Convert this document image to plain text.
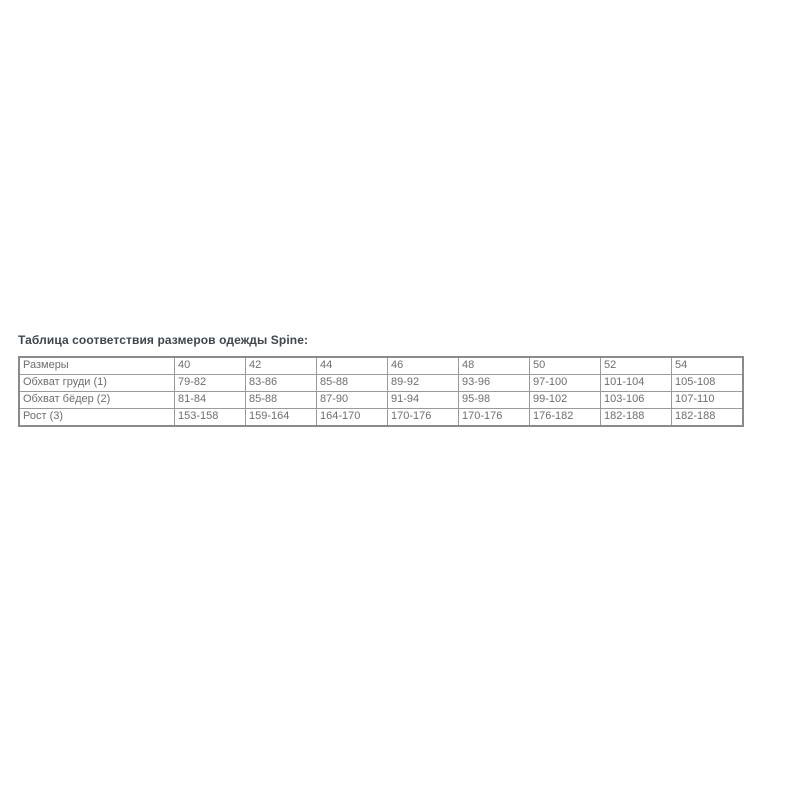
Таблица соответствия размеров одежды Spine:

Размеры	40	42	44	46	48	50	52	54
Обхват груди (1)	79-82	83-86	85-88	89-92	93-96	97-100	101-104	105-108
Обхват бёдер (2)	81-84	85-88	87-90	91-94	95-98	99-102	103-106	107-110
Рост (3)	153-158	159-164	164-170	170-176	170-176	176-182	182-188	182-188
